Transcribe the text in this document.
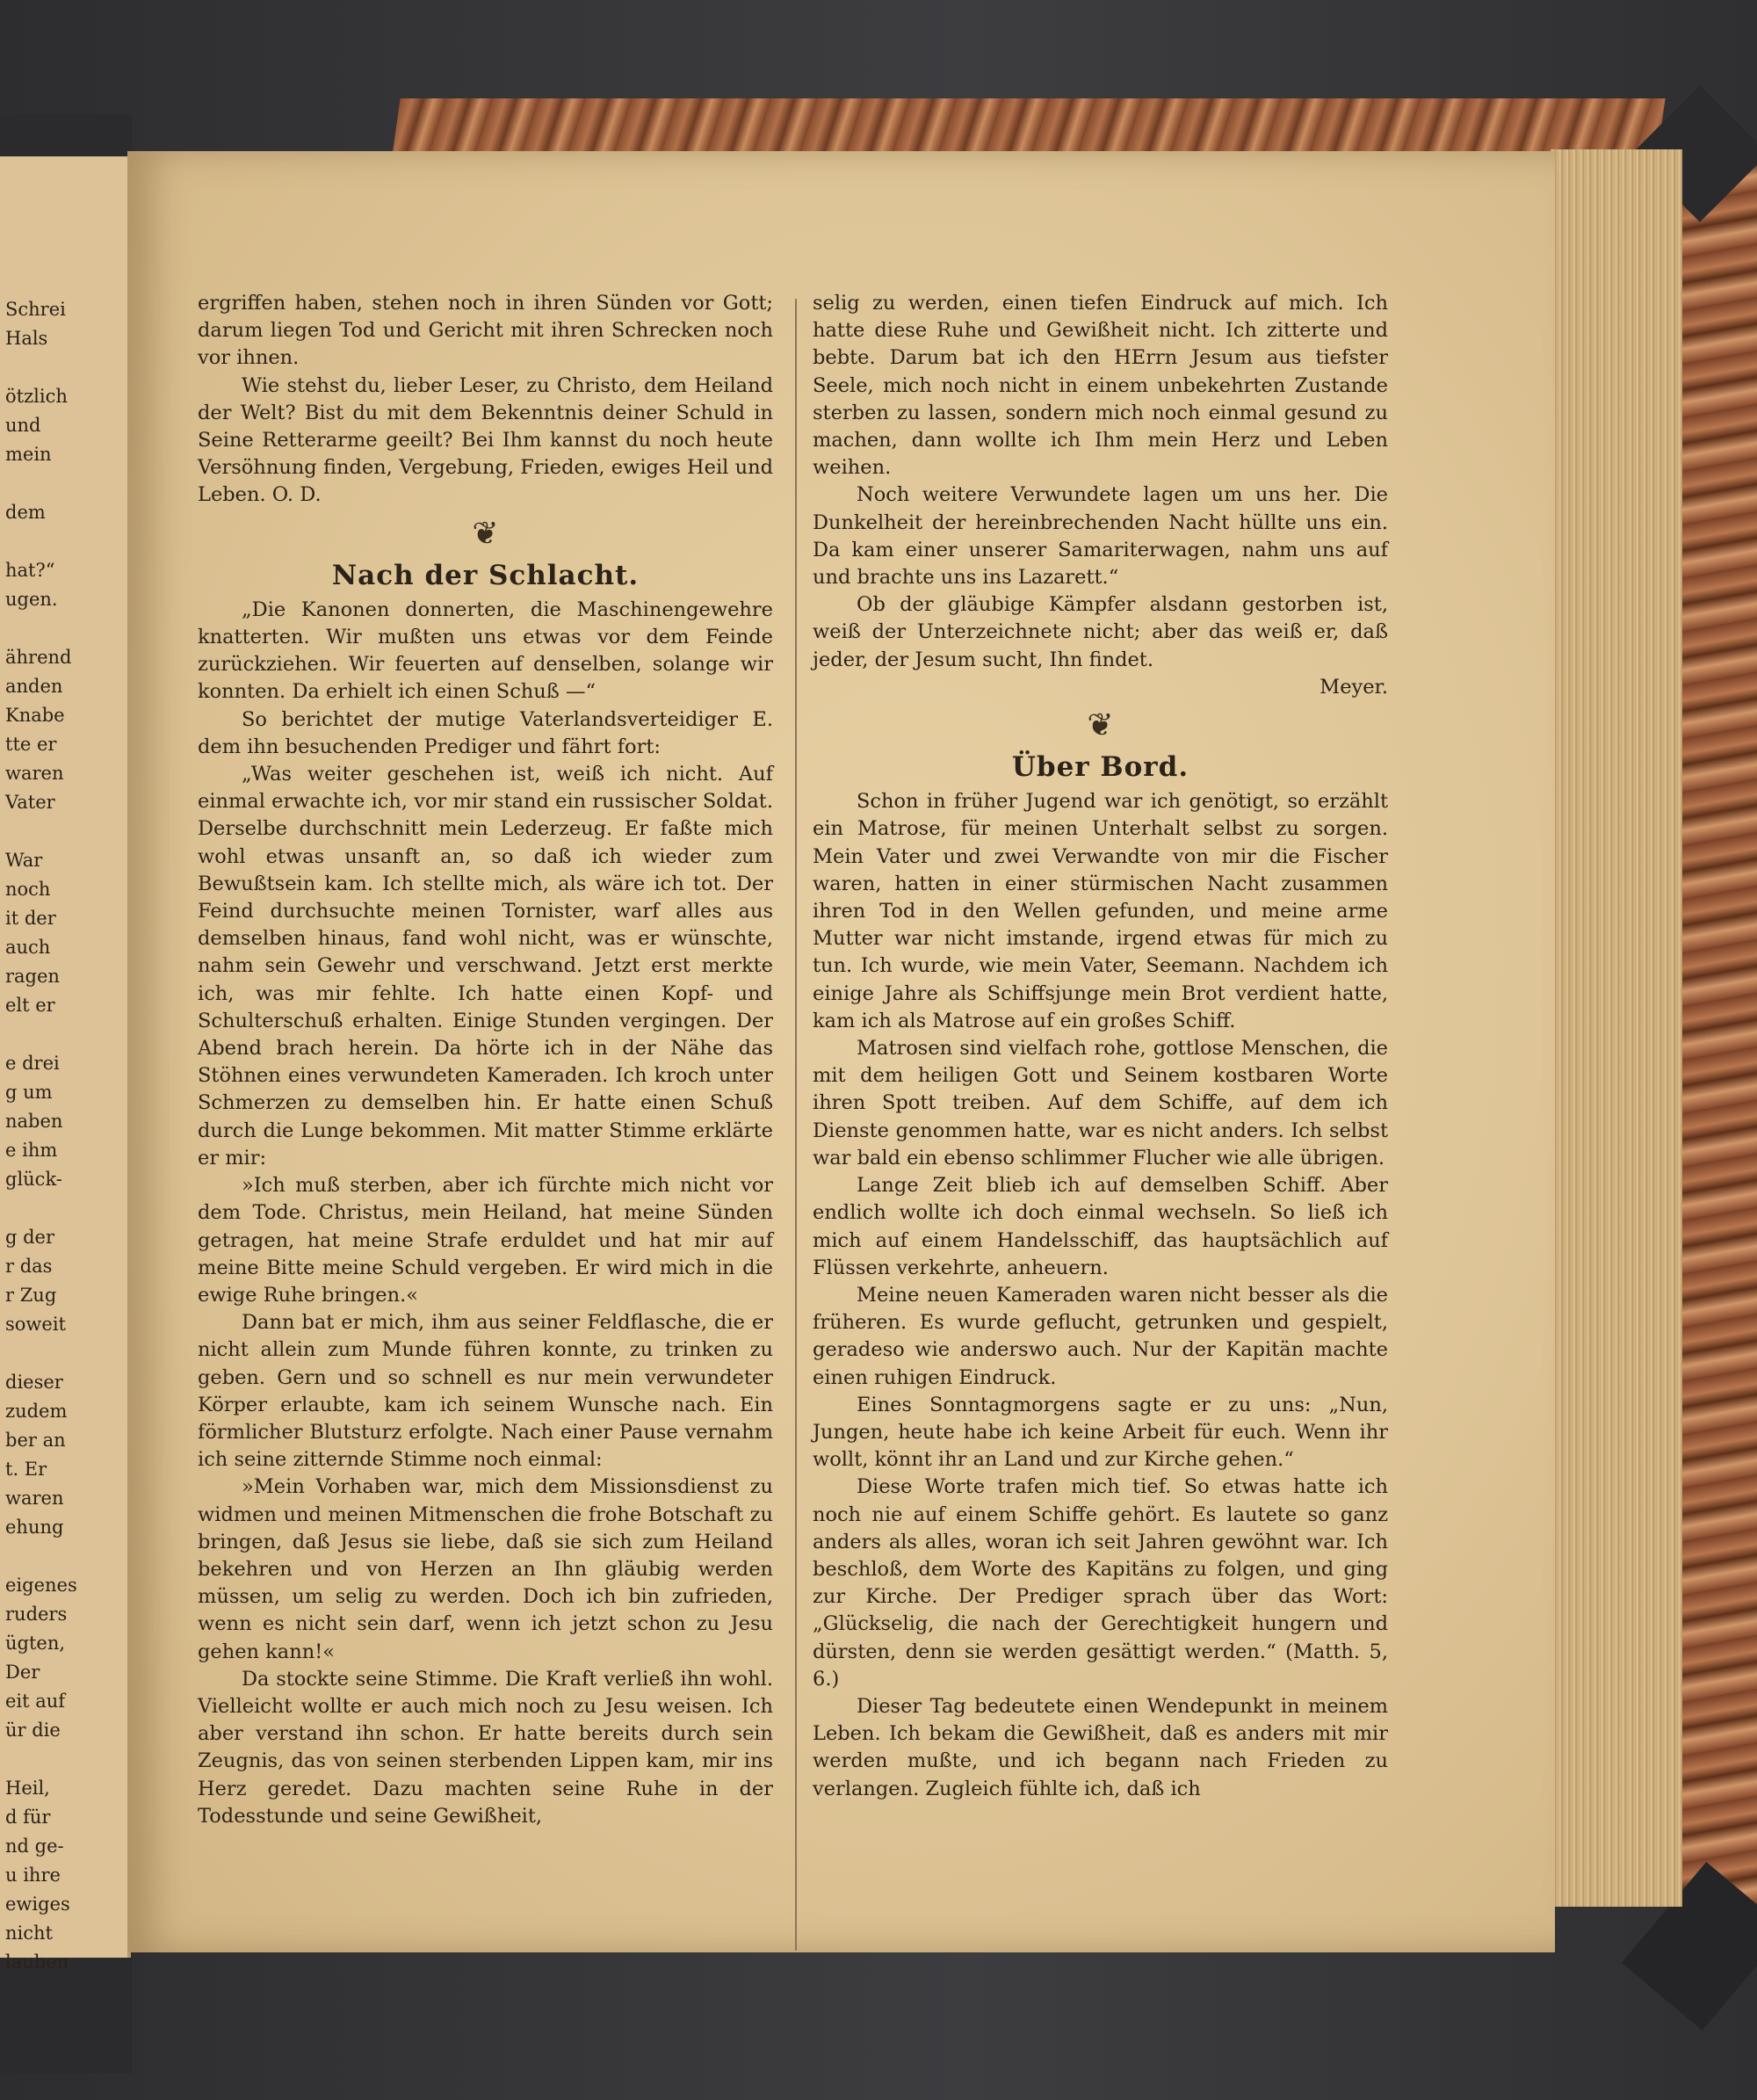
Schrei
Hals
ötzlich
und
mein
dem
hat?“
ugen.
ährend
anden
Knabe
tte er
waren
Vater
War
noch
it der
auch
ragen
elt er
e drei
g um
naben
e ihm
glück-
g der
r das
r Zug
soweit
dieser
zudem
ber an
t. Er
waren
ehung
eigenes
ruders
ügten,
Der
eit auf
ür die
Heil,
d für
nd ge-
u ihre
ewiges
nicht
lauben

ergriffen haben, stehen noch in ihren Sünden vor Gott; darum liegen Tod und Gericht mit ihren Schrecken noch vor ihnen.

Wie stehst du, lieber Leser, zu Christo, dem Heiland der Welt? Bist du mit dem Bekenntnis deiner Schuld in Seine Retterarme geeilt? Bei Ihm kannst du noch heute Versöhnung finden, Vergebung, Frieden, ewiges Heil und Leben. O. D.

❦
Nach der Schlacht.

„Die Kanonen donnerten, die Maschinengewehre knatterten. Wir mußten uns etwas vor dem Feinde zurückziehen. Wir feuerten auf denselben, solange wir konnten. Da erhielt ich einen Schuß —“

So berichtet der mutige Vaterlandsverteidiger E. dem ihn besuchenden Prediger und fährt fort:

„Was weiter geschehen ist, weiß ich nicht. Auf einmal erwachte ich, vor mir stand ein russischer Soldat. Derselbe durchschnitt mein Lederzeug. Er faßte mich wohl etwas unsanft an, so daß ich wieder zum Bewußtsein kam. Ich stellte mich, als wäre ich tot. Der Feind durchsuchte meinen Tornister, warf alles aus demselben hinaus, fand wohl nicht, was er wünschte, nahm sein Gewehr und verschwand. Jetzt erst merkte ich, was mir fehlte. Ich hatte einen Kopf- und Schulterschuß erhalten. Einige Stunden vergingen. Der Abend brach herein. Da hörte ich in der Nähe das Stöhnen eines verwundeten Kameraden. Ich kroch unter Schmerzen zu demselben hin. Er hatte einen Schuß durch die Lunge bekommen. Mit matter Stimme erklärte er mir:

»Ich muß sterben, aber ich fürchte mich nicht vor dem Tode. Christus, mein Heiland, hat meine Sünden getragen, hat meine Strafe erduldet und hat mir auf meine Bitte meine Schuld vergeben. Er wird mich in die ewige Ruhe bringen.«

Dann bat er mich, ihm aus seiner Feldflasche, die er nicht allein zum Munde führen konnte, zu trinken zu geben. Gern und so schnell es nur mein verwundeter Körper erlaubte, kam ich seinem Wunsche nach. Ein förmlicher Blutsturz erfolgte. Nach einer Pause vernahm ich seine zitternde Stimme noch einmal:

»Mein Vorhaben war, mich dem Missionsdienst zu widmen und meinen Mitmenschen die frohe Botschaft zu bringen, daß Jesus sie liebe, daß sie sich zum Heiland bekehren und von Herzen an Ihn gläubig werden müssen, um selig zu werden. Doch ich bin zufrieden, wenn es nicht sein darf, wenn ich jetzt schon zu Jesu gehen kann!«

Da stockte seine Stimme. Die Kraft verließ ihn wohl. Vielleicht wollte er auch mich noch zu Jesu weisen. Ich aber verstand ihn schon. Er hatte bereits durch sein Zeugnis, das von seinen sterbenden Lippen kam, mir ins Herz geredet. Dazu machten seine Ruhe in der Todesstunde und seine Gewißheit,

selig zu werden, einen tiefen Eindruck auf mich. Ich hatte diese Ruhe und Gewißheit nicht. Ich zitterte und bebte. Darum bat ich den HErrn Jesum aus tiefster Seele, mich noch nicht in einem unbekehrten Zustande sterben zu lassen, sondern mich noch einmal gesund zu machen, dann wollte ich Ihm mein Herz und Leben weihen.

Noch weitere Verwundete lagen um uns her. Die Dunkelheit der hereinbrechenden Nacht hüllte uns ein. Da kam einer unserer Samariterwagen, nahm uns auf und brachte uns ins Lazarett.“

Ob der gläubige Kämpfer alsdann gestorben ist, weiß der Unterzeichnete nicht; aber das weiß er, daß jeder, der Jesum sucht, Ihn findet.

Meyer.

❦
Über Bord.

Schon in früher Jugend war ich genötigt, so erzählt ein Matrose, für meinen Unterhalt selbst zu sorgen. Mein Vater und zwei Verwandte von mir die Fischer waren, hatten in einer stürmischen Nacht zusammen ihren Tod in den Wellen gefunden, und meine arme Mutter war nicht imstande, irgend etwas für mich zu tun. Ich wurde, wie mein Vater, Seemann. Nachdem ich einige Jahre als Schiffsjunge mein Brot verdient hatte, kam ich als Matrose auf ein großes Schiff.

Matrosen sind vielfach rohe, gottlose Menschen, die mit dem heiligen Gott und Seinem kostbaren Worte ihren Spott treiben. Auf dem Schiffe, auf dem ich Dienste genommen hatte, war es nicht anders. Ich selbst war bald ein ebenso schlimmer Flucher wie alle übrigen.

Lange Zeit blieb ich auf demselben Schiff. Aber endlich wollte ich doch einmal wechseln. So ließ ich mich auf einem Handelsschiff, das hauptsächlich auf Flüssen verkehrte, anheuern.

Meine neuen Kameraden waren nicht besser als die früheren. Es wurde geflucht, getrunken und gespielt, geradeso wie anderswo auch. Nur der Kapitän machte einen ruhigen Eindruck.

Eines Sonntagmorgens sagte er zu uns: „Nun, Jungen, heute habe ich keine Arbeit für euch. Wenn ihr wollt, könnt ihr an Land und zur Kirche gehen.“

Diese Worte trafen mich tief. So etwas hatte ich noch nie auf einem Schiffe gehört. Es lautete so ganz anders als alles, woran ich seit Jahren gewöhnt war. Ich beschloß, dem Worte des Kapitäns zu folgen, und ging zur Kirche. Der Prediger sprach über das Wort: „Glückselig, die nach der Gerechtigkeit hungern und dürsten, denn sie werden gesättigt werden.“ (Matth. 5, 6.)

Dieser Tag bedeutete einen Wendepunkt in meinem Leben. Ich bekam die Gewißheit, daß es anders mit mir werden mußte, und ich begann nach Frieden zu verlangen. Zugleich fühlte ich, daß ich
